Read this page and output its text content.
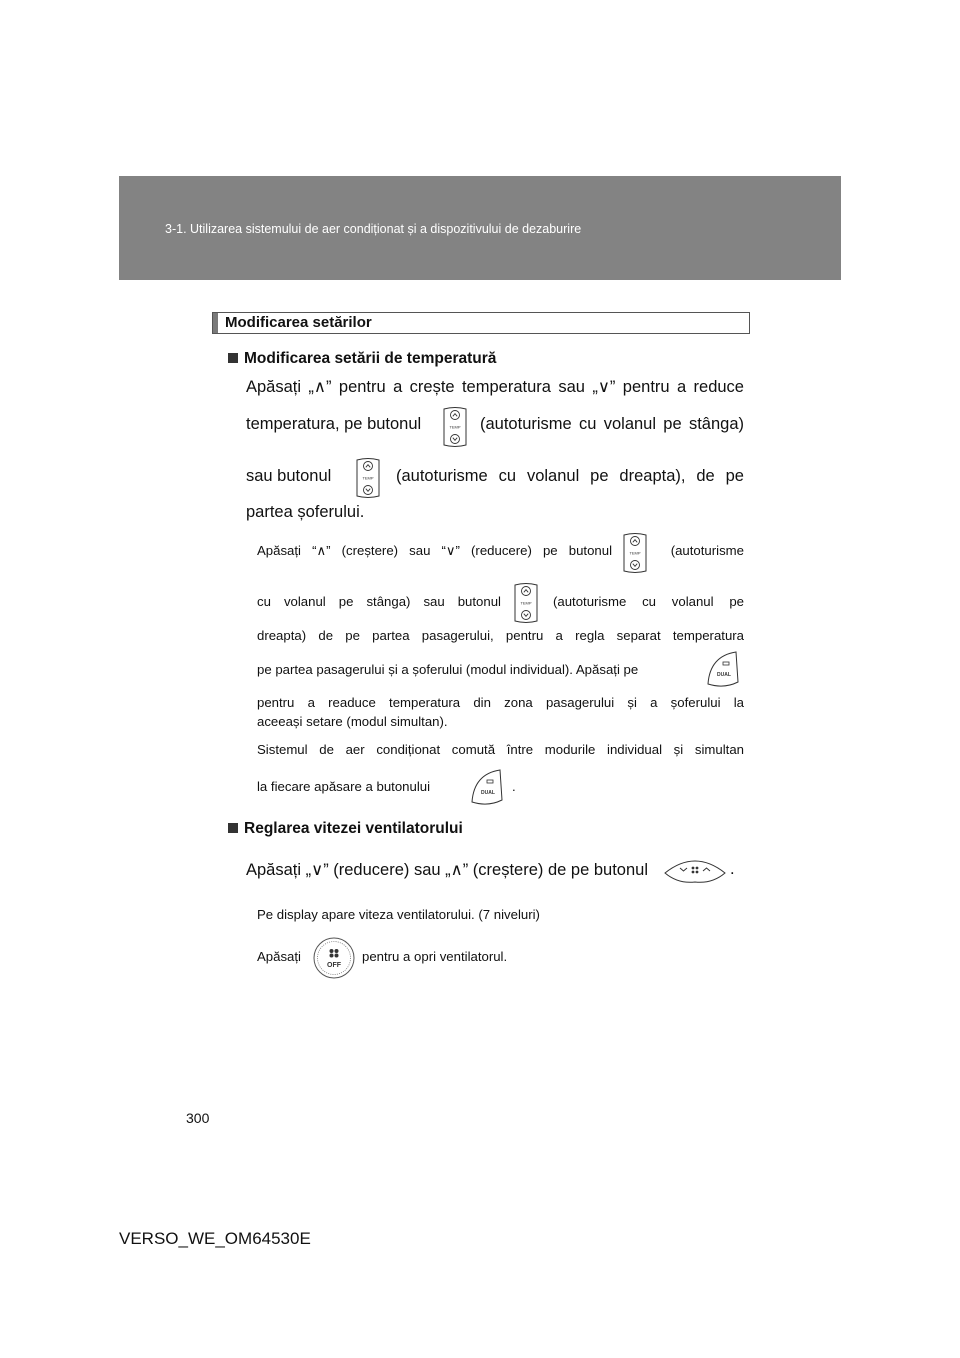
3-1. Utilizarea sistemului de aer condiționat și a dispozitivului de dezaburire
Modificarea setărilor
Modificarea setării de temperatură
Apăsați „∧” pentru a crește temperatura sau „∨” pentru a reduce
temperatura, pe butonul	TEMP (autoturisme cu volanul pe stânga)
sau butonul	TEMP (autoturisme cu volanul pe dreapta), de pe
partea șoferului.
Apăsați “∧” (creștere) sau “∨” (reducere) pe butonul	TEMP (autoturisme
cu volanul pe stânga) sau butonul	TEMP (autoturisme cu volanul pe
dreapta) de pe partea pasagerului, pentru a regla separat temperatura
pe partea pasagerului și a șoferului (modul individual). Apăsați pe	DUAL
pentru a readuce temperatura din zona pasagerului și a șoferului la
aceeași setare (modul simultan).
Sistemul de aer condiționat comută între modurile individual și simultan
la fiecare apăsare a butonului	DUAL .
Reglarea vitezei ventilatorului
Apăsați „∨” (reducere) sau „∧” (creștere) de pe butonul	.
Pe display apare viteza ventilatorului. (7 niveluri)
Apăsați
OFF
pentru a opri ventilatorul.
300
VERSO_WE_OM64530E
